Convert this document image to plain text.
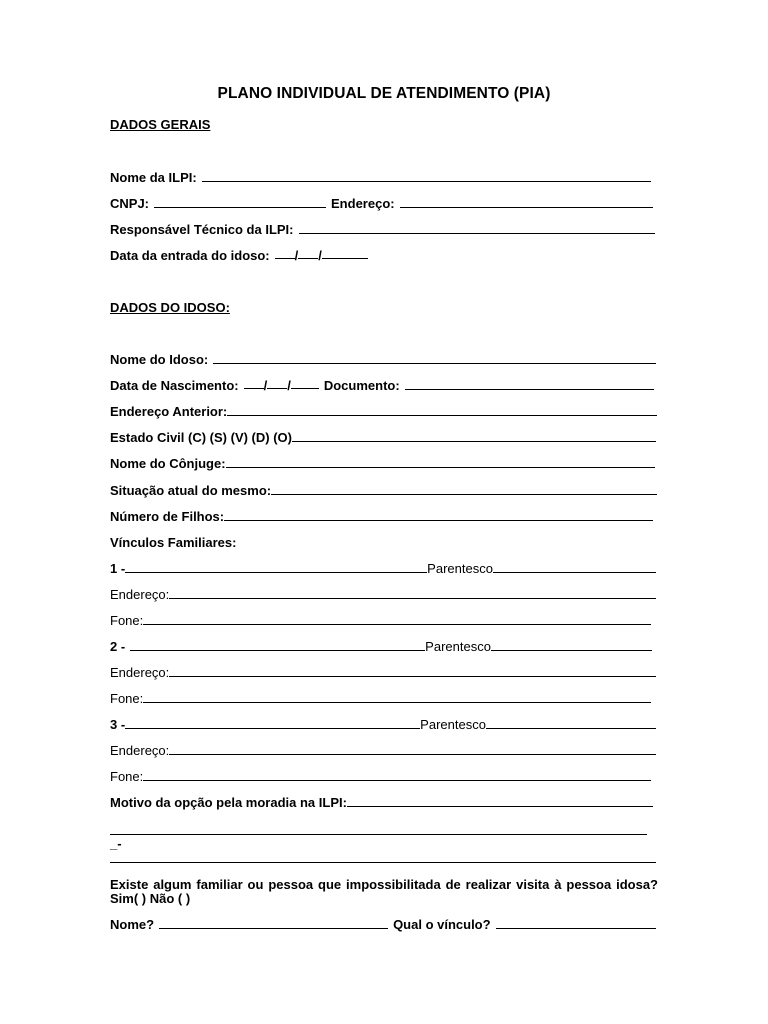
PLANO INDIVIDUAL DE ATENDIMENTO (PIA)
DADOS GERAIS
Nome da ILPI:
CNPJ:	Endereço:
Responsável Técnico da ILPI:
Data da entrada do idoso:	/ /
DADOS DO IDOSO:
Nome do Idoso:
Data de Nascimento:	/ /	Documento:
Endereço Anterior:
Estado Civil (C) (S) (V) (D) (O)
Nome do Cônjuge:
Situação atual do mesmo:
Número de Filhos:
Vínculos Familiares:
1 -	Parentesco
Endereço:
Fone:
2 -	Parentesco
Endereço:
Fone:
3 -	Parentesco
Endereço:
Fone:
Motivo da opção pela moradia na ILPI:
_-
Existe algum familiar ou pessoa que impossibilitada de realizar visita à pessoa idosa?
Sim( ) Não ( )
Nome?	Qual o vínculo?
